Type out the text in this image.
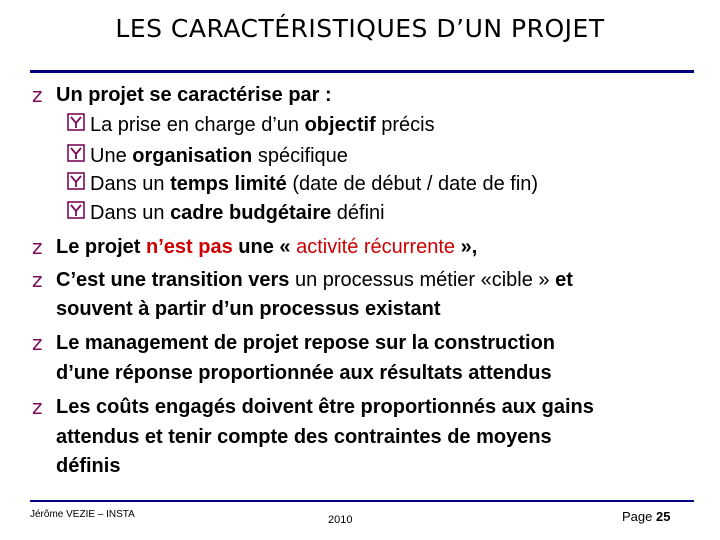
LES CARACTÉRISTIQUES D’UN PROJET
z Un projet se caractérise par :
La prise en charge d’un objectif précis
Une organisation spécifique
Dans un temps limité (date de début / date de fin)
Dans un cadre budgétaire défini
z Le projet n’est pas une « activité récurrente »,
z C’est une transition vers un processus métier «cible » et
souvent à partir d’un processus existant
z Le management de projet repose sur la construction
d’une réponse proportionnée aux résultats attendus
z Les coûts engagés doivent être proportionnés aux gains
attendus et tenir compte des contraintes de moyens
définis
Jérôme VEZIE – INSTA	2010	Page 25
